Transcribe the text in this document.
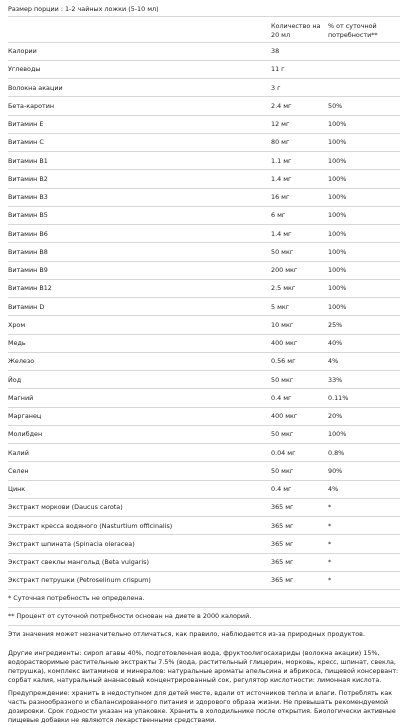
Размер порции : 1-2 чайных ложки (5-10 мл)
	Количество на 20 мл	% от суточной потребности**
Калории	38	
Углеводы	11 г	
Волокна акации	3 г	
Бета-каротин	2.4 мг	50%
Витамин Е	12 мг	100%
Витамин С	80 мг	100%
Витамин В1	1.1 мг	100%
Витамин В2	1.4 мг	100%
Витамин В3	16 мг	100%
Витамин В5	6 мг	100%
Витамин В6	1.4 мг	100%
Витамин В8	50 мкг	100%
Витамин В9	200 мкг	100%
Витамин В12	2.5 мкг	100%
Витамин D	5 мкг	100%
Хром	10 мкг	25%
Медь	400 мкг	40%
Железо	0.56 мг	4%
Йод	50 мкг	33%
Магний	0.4 мг	0.11%
Марганец	400 мкг	20%
Молибден	50 мкг	100%
Калий	0.04 мг	0.8%
Селен	50 мкг	90%
Цинк	0.4 мг	4%
Экстракт моркови (Daucus carota)	365 мг	*
Экстракт кресса водяного (Nasturtium officinalis)	365 мг	*
Экстракт шпината (Spinacia oleracea)	365 мг	*
Экстракт свеклы мангольд (Beta vulgaris)	365 мг	*
Экстракт петрушки (Petroselinum crispum)	365 мг	*
* Суточная потребность не определена.
** Процент от суточной потребности основан на диете в 2000 калорий.
Эти значения может незначительно отличаться, как правило, наблюдается из-за природных продуктов.

Другие ингредиенты: сироп агавы 40%, подготовленная вода, фруктоолигосахариды (волокна акации) 15%, водорастворимые растительные экстракты 7.5% (вода, растительный глицерин, морковь, кресс, шпинат, свекла, петрушка), комплекс витаминов и минералов: натуральные ароматы апельсина и абрикоса, пищевой консервант: сорбат калия, натуральный ананасовый концентрированный сок, регулятор кислотности: лимонная кислота.

Предупреждение: хранить в недоступном для детей месте, вдали от источников тепла и влаги. Потреблять как часть разнообразного и сбалансированного питания и здорового образа жизни. Не превышать рекомендуемой дозировки. Срок годности указан на упаковке. Хранить в холодильнике после открытия. Биологически активные пищевые добавки не являются лекарственными средствами.
